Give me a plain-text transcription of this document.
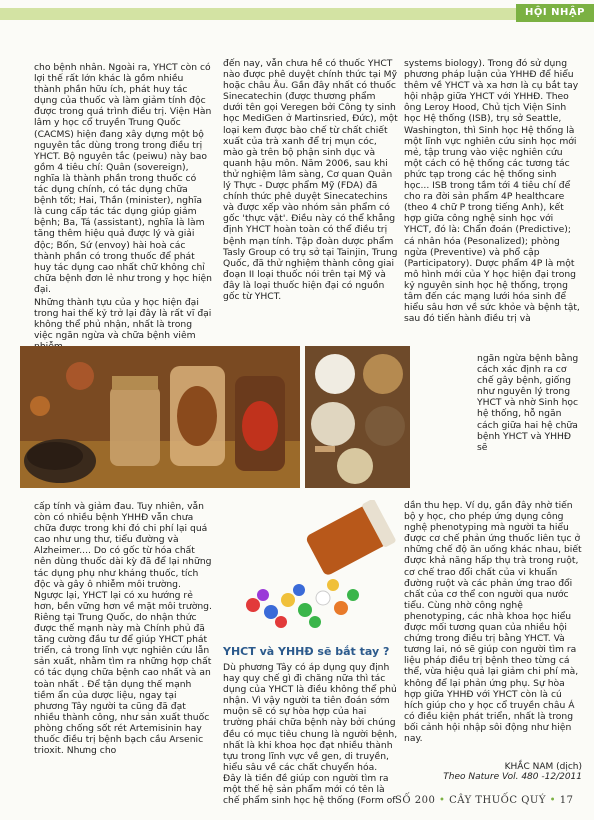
HỘI NHẬP

cho bệnh nhân. Ngoài ra, YHCT còn có lợi thế rất lớn khác là gồm nhiều thành phần hữu ích, phát huy tác dụng của thuốc và làm giảm tính độc được trong quá trình điều trị. Viện Hàn lâm y học cổ truyền Trung Quốc (CACMS) hiện đang xây dựng một bộ nguyên tắc dùng trong trong điều trị YHCT. Bộ nguyên tắc (peiwu) này bao gồm 4 tiêu chí: Quân (sovereign), nghĩa là thành phần trong thuốc có tác dụng chính, có tác dụng chữa bệnh tốt; Hai, Thần (minister), nghĩa là cung cấp tác tác dụng giúp giảm bệnh; Ba, Tá (assistant), nghĩa là làm tăng thêm hiệu quả được lý và giải độc; Bốn, Sứ (envoy) hài hoà các thành phần có trong thuốc để phát huy tác dụng cao nhất chữ không chỉ chữa bệnh đơn lẻ như trong y học hiện đại.

Những thành tựu của y học hiện đại trong hai thế kỷ trở lại đây là rất vĩ đại không thể phủ nhận, nhất là trong việc ngăn ngừa và chữa bệnh viêm

đến nay, vẫn chưa hề có thuốc YHCT nào được phê duyệt chính thức tại Mỹ hoặc châu Âu. Gần đây nhất có thuốc Sinecatechin (được thương phẩm dưới tên gọi Veregen bởi Công ty sinh học MediGen ở Martinsried, Đức), một loại kem được bào chế từ chất chiết xuất của trà xanh để trị mụn cóc, mào gà trên bộ phận sinh dục và quanh hậu môn. Năm 2006, sau khi thử nghiệm lâm sàng, Cơ quan Quản lý Thực - Dược phẩm Mỹ (FDA) đã chính thức phê duyệt Sinecatechins và được xếp vào nhóm sản phẩm có gốc 'thực vật'. Điều này có thể khẳng định YHCT hoàn toàn có thể điều trị bệnh mạn tính. Tập đoàn dược phẩm Tasly Group có trụ sở tại Tainjin, Trung Quốc, đã thử nghiệm thành công giai đoạn II loại thuốc nói trên tại Mỹ và đây là loại thuốc hiện đại có nguồn gốc từ YHCT.

systems biology). Trong đó sử dụng phương pháp luận của YHHĐ để hiểu thêm về YHCT và xa hơn là cụ bắt tay hội nhập giữa YHCT với YHHĐ. Theo ông Leroy Hood, Chủ tịch Viện Sinh học Hệ thống (ISB), trụ sở Seattle, Washington, thì Sinh học Hệ thống là một lĩnh vực nghiên cứu sinh học mới mẻ, tập trung vào việc nghiên cứu một cách có hệ thống các tương tác phức tạp trong các hệ thống sinh học... ISB trong tầm tới 4 tiêu chí để cho ra đời sản phẩm 4P healthcare (theo 4 chữ P trong tiếng Anh), kết hợp giữa công nghệ sinh học với YHCT, đó là: Chẩn đoán (Predictive); cá nhân hóa (Pesonalized); phòng ngừa (Preventive) và phổ cập (Participatory). Dược phẩm 4P là một mô hình mới của Y học hiện đại trong kỷ nguyên sinh học hệ thống, trọng tâm đến các mạng lưới hóa sinh để hiểu sâu hơn về sức khỏe và bệnh tật, sau đó tiến hành điều trị và

ngăn ngừa bệnh bằng cách xác định ra cơ chế gây bệnh, giống như nguyên lý trong YHCT và nhờ Sinh học hệ thống, hỗ ngăn cách giữa hai hệ chữa bệnh YHCT và YHHĐ sẽ

cấp tính và giảm đau. Tuy nhiên, vẫn còn có nhiều bệnh YHHĐ vẫn chưa chữa được trong khi đó chi phí lại quá cao như ung thư, tiểu đường và Alzheimer.... Do có gốc từ hóa chất nên dùng thuốc dài kỳ đã để lại những tác dụng phụ như kháng thuốc, tích độc và gây ô nhiễm môi trường. Ngược lại, YHCT lại có xu hướng rẻ hơn, bền vững hơn về mặt môi trường. Riêng tại Trung Quốc, do nhận thức được thế mạnh này mà Chính phủ đã tăng cường đầu tư để giúp YHCT phát triển, cả trong lĩnh vực nghiên cứu lẫn sản xuất, nhằm tìm ra những hợp chất có tác dụng chữa bệnh cao nhất và an toàn nhất . Để tận dụng thế mạnh tiềm ẩn của dược liệu, ngay tại phương Tây người ta cũng đã đạt nhiều thành công, như sản xuất thuốc phòng chống sốt rét Artemisinin hay thuốc điều trị bệnh bạch cầu Arsenic trioxit. Nhưng cho

YHCT và YHHĐ sẽ bắt tay ?

Dù phương Tây có áp dụng quy định hay quy chế gì đi chăng nữa thì tác dụng của YHCT là điều không thể phủ nhận. Vì vậy người ta tiên đoán sớm muộn sẽ có sự hòa hợp của hai trường phái chữa bệnh này bởi chúng đều có mục tiêu chung là người bệnh, nhất là khi khoa học đạt nhiều thành tựu trong lĩnh vực về gen, di truyền, hiểu sâu về các chất chuyển hóa. Đây là tiền đề giúp con người tìm ra một thế hệ sản phẩm mới có tên là chế phẩm sinh học hệ thống (Form of

dần thu hẹp. Ví dụ, gần đây nhờ tiến bộ y học, cho phép ứng dụng công nghệ phenotyping mà người ta hiểu được cơ chế phản ứng thuốc liên tục ở những chế độ ăn uống khác nhau, biết được khả năng hấp thụ trà trong ruột, cơ chế trao đổi chất của vi khuẩn đường ruột và các phản ứng trao đổi chất của cơ thể con người qua nước tiểu. Cùng nhờ công nghệ phenotyping, các nhà khoa học hiểu được mối tương quan của nhiều hội chứng trong điều trị bằng YHCT. Và tương lai, nó sẽ giúp con người tìm ra liệu pháp điều trị bệnh theo từng cá thể, vừa hiệu quả lại giảm chi phí mà, không để lại phản ứng phụ. Sự hòa hợp giữa YHHĐ với YHCT còn là cú hích giúp cho y học cổ truyền châu Á có điều kiện phát triển, nhất là trong bối cảnh hội nhập sôi động như hiện nay.

KHẮC NAM (dịch)
Theo Nature Vol. 480 -12/2011
SỐ 200 • CÂY THUỐC QUÝ • 17
